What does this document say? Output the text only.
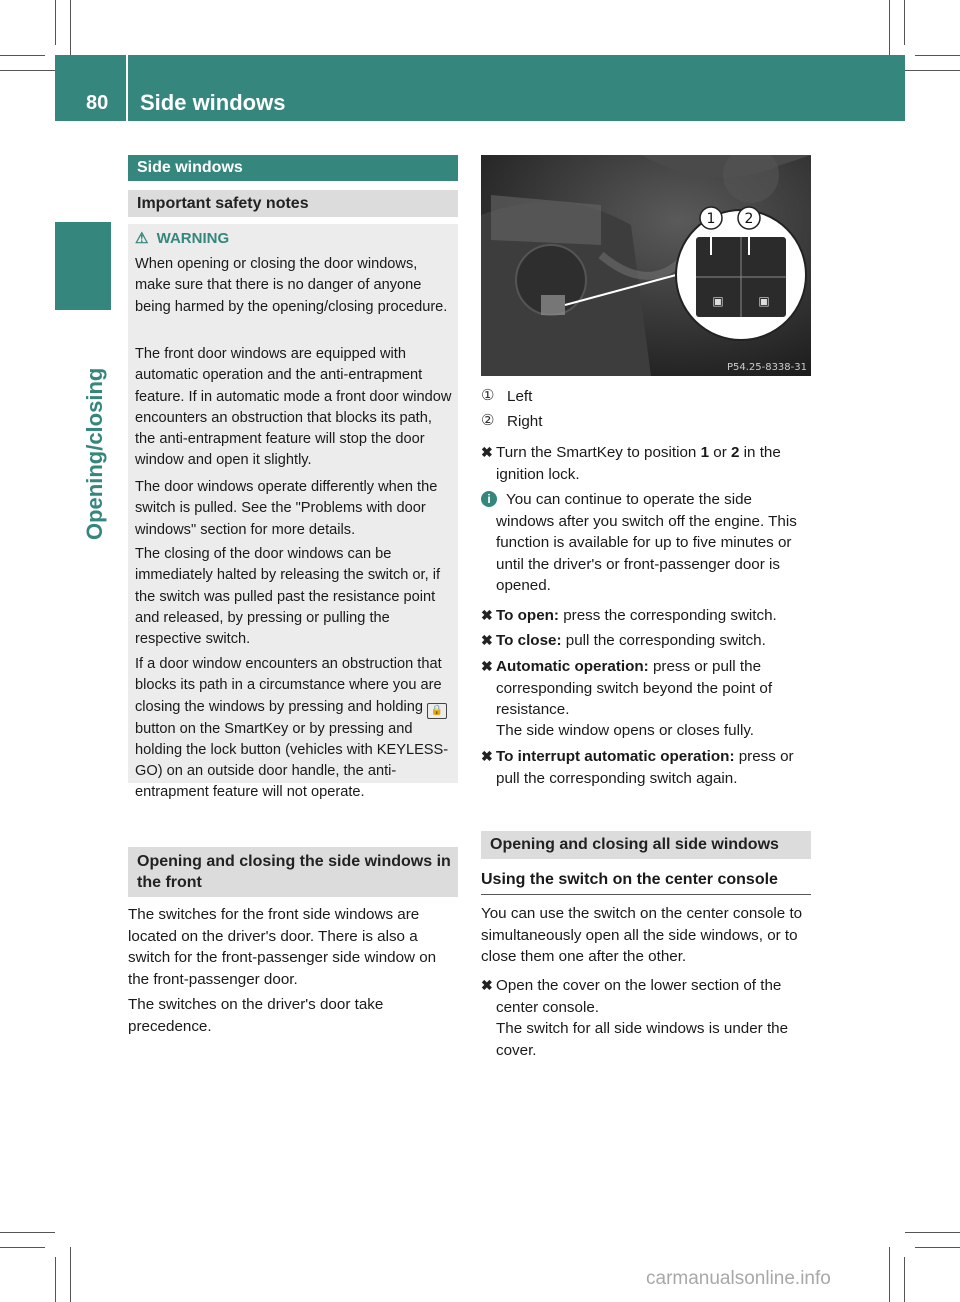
80 Side windows
Opening/closing
Side windows
Important safety notes
⚠ WARNING
When opening or closing the door windows, make sure that there is no danger of anyone being harmed by the opening/closing procedure.
The front door windows are equipped with automatic operation and the anti-entrapment feature. If in automatic mode a front door window encounters an obstruction that blocks its path, the anti-entrapment feature will stop the door window and open it slightly.
The door windows operate differently when the switch is pulled. See the "Problems with door windows" section for more details.
The closing of the door windows can be immediately halted by releasing the switch or, if the switch was pulled past the resistance point and released, by pressing or pulling the respective switch.
If a door window encounters an obstruction that blocks its path in a circumstance where you are closing the windows by pressing and holding 🔒 button on the SmartKey or by pressing and holding the lock button (vehicles with KEYLESS-GO) on an outside door handle, the anti-entrapment feature will not operate.
Opening and closing the side windows in the front
The switches for the front side windows are located on the driver's door. There is also a switch for the front-passenger side window on the front-passenger door.
The switches on the driver's door take precedence.
▣	▣
1 2
P54.25-8338-31
① Left
② Right
✖ Turn the SmartKey to position 1 or 2 in the ignition lock.
i	You can continue to operate the side windows after you switch off the engine. This function is available for up to five minutes or until the driver's or front-passenger door is opened.
✖ To open: press the corresponding switch.
✖ To close: pull the corresponding switch.
✖ Automatic operation: press or pull the corresponding switch beyond the point of resistance.
The side window opens or closes fully.
✖ To interrupt automatic operation: press or pull the corresponding switch again.
Opening and closing all side windows
Using the switch on the center console
You can use the switch on the center console to simultaneously open all the side windows, or to close them one after the other.
✖ Open the cover on the lower section of the center console.
The switch for all side windows is under the cover.
carmanualsonline.info
